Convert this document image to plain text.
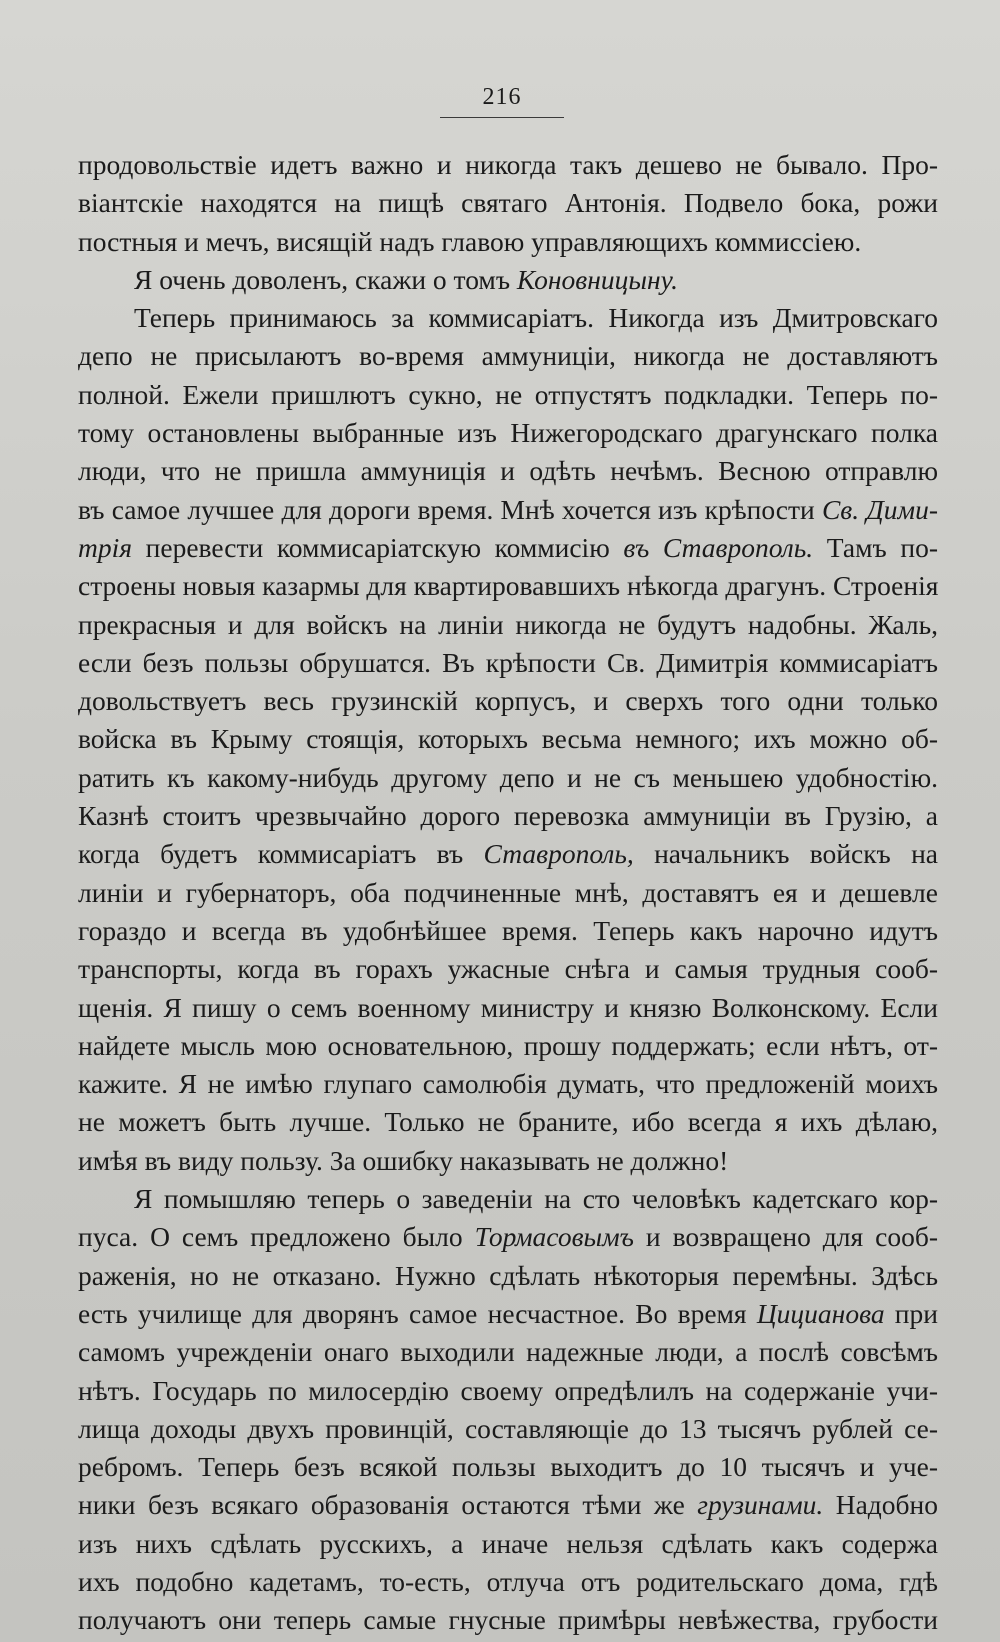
216
продовольствіе идетъ важно и никогда такъ дешево не бывало. Про-
віантскіе находятся на пищѣ святаго Антонія. Подвело бока, рожи
постныя и мечъ, висящій надъ главою управляющихъ коммиссіею.
Я очень доволенъ, скажи о томъ Коновницыну.
Теперь принимаюсь за коммисаріатъ. Никогда изъ Дмитровскаго
депо не присылаютъ во-время аммуниціи, никогда не доставляютъ
полной. Ежели пришлютъ сукно, не отпустятъ подкладки. Теперь по-
тому остановлены выбранные изъ Нижегородскаго драгунскаго полка
люди, что не пришла аммуниція и одѣть нечѣмъ. Весною отправлю
въ самое лучшее для дороги время. Мнѣ хочется изъ крѣпости Св. Дими-
трія перевести коммисаріатскую коммисію въ Ставрополь. Тамъ по-
строены новыя казармы для квартировавшихъ нѣкогда драгунъ. Строенія
прекрасныя и для войскъ на линіи никогда не будутъ надобны. Жаль,
если безъ пользы обрушатся. Въ крѣпости Св. Димитрія коммисаріатъ
довольствуетъ весь грузинскій корпусъ, и сверхъ того одни только
войска въ Крыму стоящія, которыхъ весьма немного; ихъ можно об-
ратить къ какому-нибудь другому депо и не съ меньшею удобностію.
Казнѣ стоитъ чрезвычайно дорого перевозка аммуниціи въ Грузію, а
когда будетъ коммисаріатъ въ Ставрополь, начальникъ войскъ на
линіи и губернаторъ, оба подчиненные мнѣ, доставятъ ея и дешевле
гораздо и всегда въ удобнѣйшее время. Теперь какъ нарочно идутъ
транспорты, когда въ горахъ ужасные снѣга и самыя трудныя сооб-
щенія. Я пишу о семъ военному министру и князю Волконскому. Если
найдете мысль мою основательною, прошу поддержать; если нѣтъ, от-
кажите. Я не имѣю глупаго самолюбія думать, что предложеній моихъ
не можетъ быть лучше. Только не браните, ибо всегда я ихъ дѣлаю,
имѣя въ виду пользу. За ошибку наказывать не должно!
Я помышляю теперь о заведеніи на сто человѣкъ кадетскаго кор-
пуса. О семъ предложено было Тормасовымъ и возвращено для сооб-
раженія, но не отказано. Нужно сдѣлать нѣкоторыя перемѣны. Здѣсь
есть училище для дворянъ самое несчастное. Во время Цицианова при
самомъ учрежденіи онаго выходили надежные люди, а послѣ совсѣмъ
нѣтъ. Государь по милосердію своему опредѣлилъ на содержаніе учи-
лища доходы двухъ провинцій, составляющіе до 13 тысячъ рублей се-
ребромъ. Теперь безъ всякой пользы выходитъ до 10 тысячъ и уче-
ники безъ всякаго образованія остаются тѣми же грузинами. Надобно
изъ нихъ сдѣлать русскихъ, а иначе нельзя сдѣлать какъ содержа
ихъ подобно кадетамъ, то-есть, отлуча отъ родительскаго дома, гдѣ
получаютъ они теперь самые гнусные примѣры невѣжества, грубости
